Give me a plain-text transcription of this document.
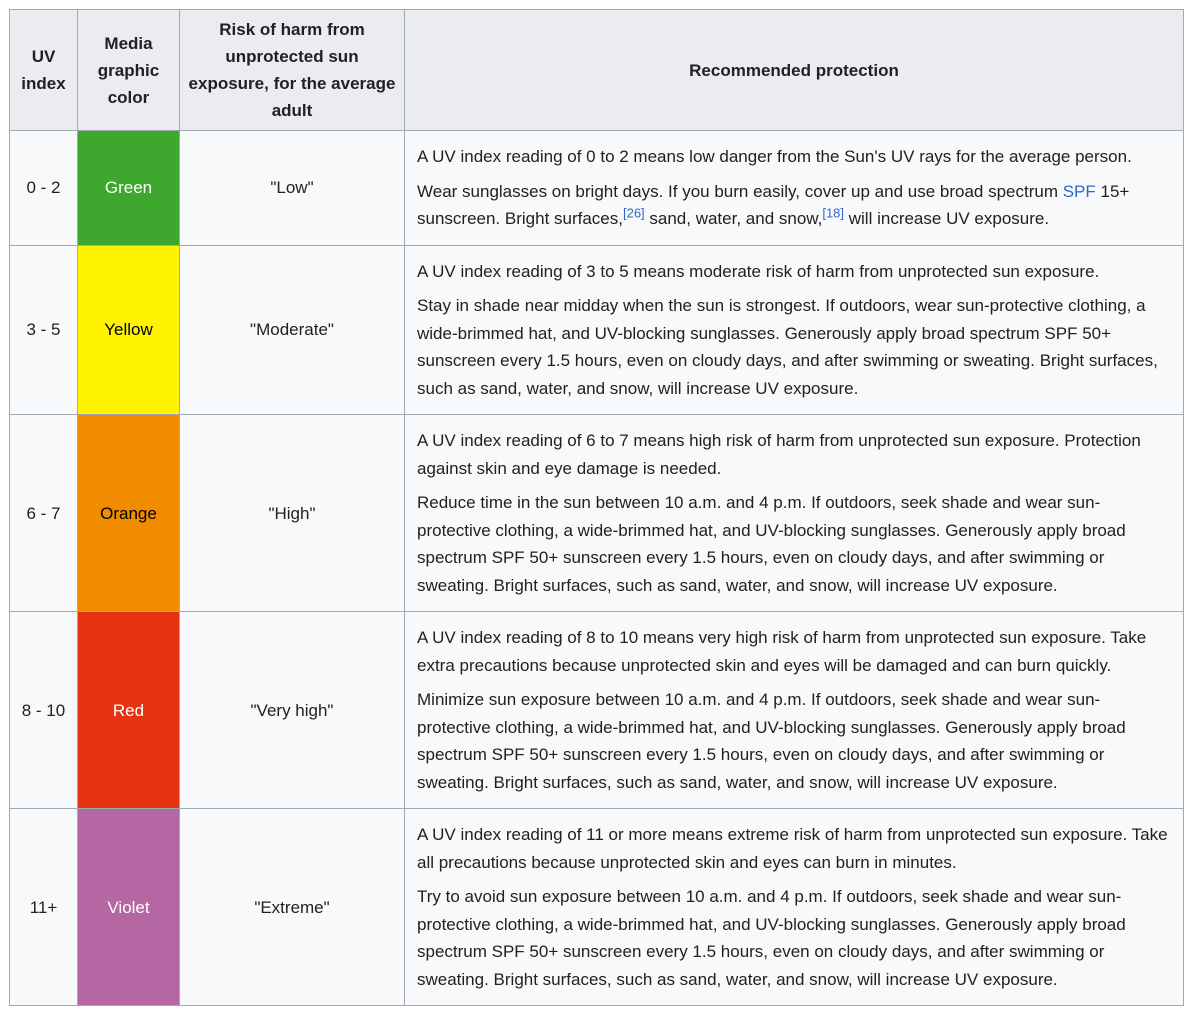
UV index	Media graphic color	Risk of harm from unprotected sun exposure, for the average adult	Recommended protection
0 - 2	Green	"Low"	A UV index reading of 0 to 2 means low danger from the Sun's UV rays for the average person.

Wear sunglasses on bright days. If you burn easily, cover up and use broad spectrum SPF 15+ sunscreen. Bright surfaces,[26] sand, water, and snow,[18] will increase UV exposure.

3 - 5	Yellow	"Moderate"	A UV index reading of 3 to 5 means moderate risk of harm from unprotected sun exposure.

Stay in shade near midday when the sun is strongest. If outdoors, wear sun-protective clothing, a wide-brimmed hat, and UV-blocking sunglasses. Generously apply broad spectrum SPF 50+ sunscreen every 1.5 hours, even on cloudy days, and after swimming or sweating. Bright surfaces, such as sand, water, and snow, will increase UV exposure.

6 - 7	Orange	"High"	A UV index reading of 6 to 7 means high risk of harm from unprotected sun exposure. Protection against skin and eye damage is needed.

Reduce time in the sun between 10 a.m. and 4 p.m. If outdoors, seek shade and wear sun-protective clothing, a wide-brimmed hat, and UV-blocking sunglasses. Generously apply broad spectrum SPF 50+ sunscreen every 1.5 hours, even on cloudy days, and after swimming or sweating. Bright surfaces, such as sand, water, and snow, will increase UV exposure.

8 - 10	Red	"Very high"	A UV index reading of 8 to 10 means very high risk of harm from unprotected sun exposure. Take extra precautions because unprotected skin and eyes will be damaged and can burn quickly.

Minimize sun exposure between 10 a.m. and 4 p.m. If outdoors, seek shade and wear sun-protective clothing, a wide-brimmed hat, and UV-blocking sunglasses. Generously apply broad spectrum SPF 50+ sunscreen every 1.5 hours, even on cloudy days, and after swimming or sweating. Bright surfaces, such as sand, water, and snow, will increase UV exposure.

11+	Violet	"Extreme"	A UV index reading of 11 or more means extreme risk of harm from unprotected sun exposure. Take all precautions because unprotected skin and eyes can burn in minutes.

Try to avoid sun exposure between 10 a.m. and 4 p.m. If outdoors, seek shade and wear sun-protective clothing, a wide-brimmed hat, and UV-blocking sunglasses. Generously apply broad spectrum SPF 50+ sunscreen every 1.5 hours, even on cloudy days, and after swimming or sweating. Bright surfaces, such as sand, water, and snow, will increase UV exposure.
